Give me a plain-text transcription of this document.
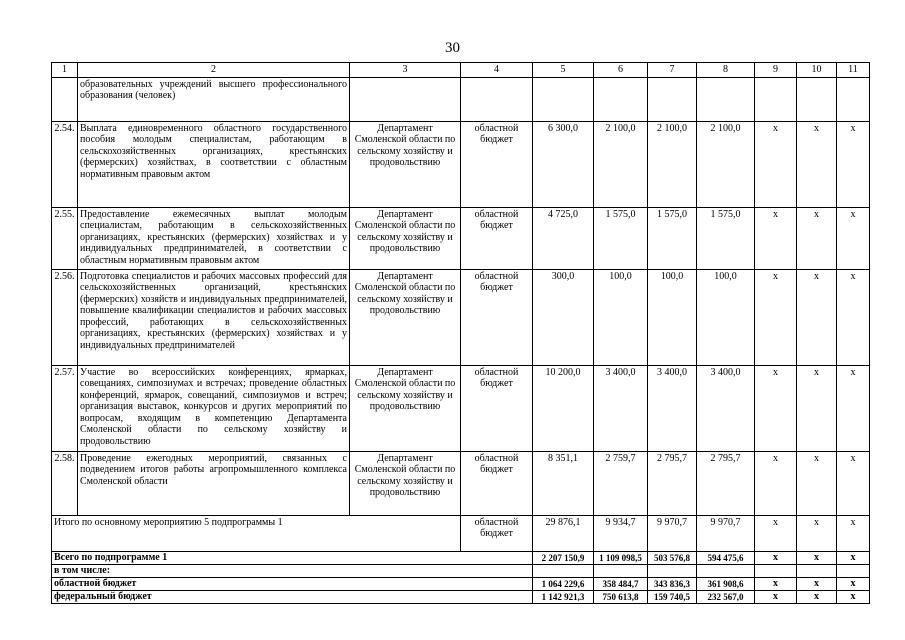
30
1	2	3	4	5	6	7	8	9	10	11
	образовательных учреждений высшего профессионального образования (человек)									
2.54.	Выплата единовременного областного государственного пособия молодым специалистам, работающим в сельскохозяйственных организациях, крестьянских (фермерских) хозяйствах, в соответствии с областным нормативным правовым актом	Департамент Смоленской области по сельскому хозяйству и продовольствию	областной бюджет	6 300,0	2 100,0	2 100,0	2 100,0	х	х	х
2.55.	Предоставление ежемесячных выплат молодым специалистам, работающим в сельскохозяйственных организациях, крестьянских (фермерских) хозяйствах и у индивидуальных предпринимателей, в соответствии с областным нормативным правовым актом	Департамент Смоленской области по сельскому хозяйству и продовольствию	областной бюджет	4 725,0	1 575,0	1 575,0	1 575,0	х	х	х
2.56.	Подготовка специалистов и рабочих массовых профессий для сельскохозяйственных организаций, крестьянских (фермерских) хозяйств и индивидуальных предпринимателей, повышение квалификации специалистов и рабочих массовых профессий, работающих в сельскохозяйственных организациях, крестьянских (фермерских) хозяйствах и у индивидуальных предпринимателей	Департамент Смоленской области по сельскому хозяйству и продовольствию	областной бюджет	300,0	100,0	100,0	100,0	х	х	х
2.57.	Участие во всероссийских конференциях, ярмарках, совещаниях, симпозиумах и встречах; проведение областных конференций, ярмарок, совещаний, симпозиумов и встреч; организация выставок, конкурсов и других мероприятий по вопросам, входящим в компетенцию Департамента Смоленской области по сельскому хозяйству и продовольствию	Департамент Смоленской области по сельскому хозяйству и продовольствию	областной бюджет	10 200,0	3 400,0	3 400,0	3 400,0	х	х	х
2.58.	Проведение ежегодных мероприятий, связанных с подведением итогов работы агропромышленного комплекса Смоленской области	Департамент Смоленской области по сельскому хозяйству и продовольствию	областной бюджет	8 351,1	2 759,7	2 795,7	2 795,7	х	х	х
Итого по основному мероприятию 5 подпрограммы 1			областной бюджет	29 876,1	9 934,7	9 970,7	9 970,7	х	х	х
Всего по подпрограмме 1				2 207 150,9	1 109 098,5	503 576,8	594 475,6	х	х	х
в том числе:										
областной бюджет				1 064 229,6	358 484,7	343 836,3	361 908,6	х	х	х
федеральный бюджет				1 142 921,3	750 613,8	159 740,5	232 567,0	х	х	х
